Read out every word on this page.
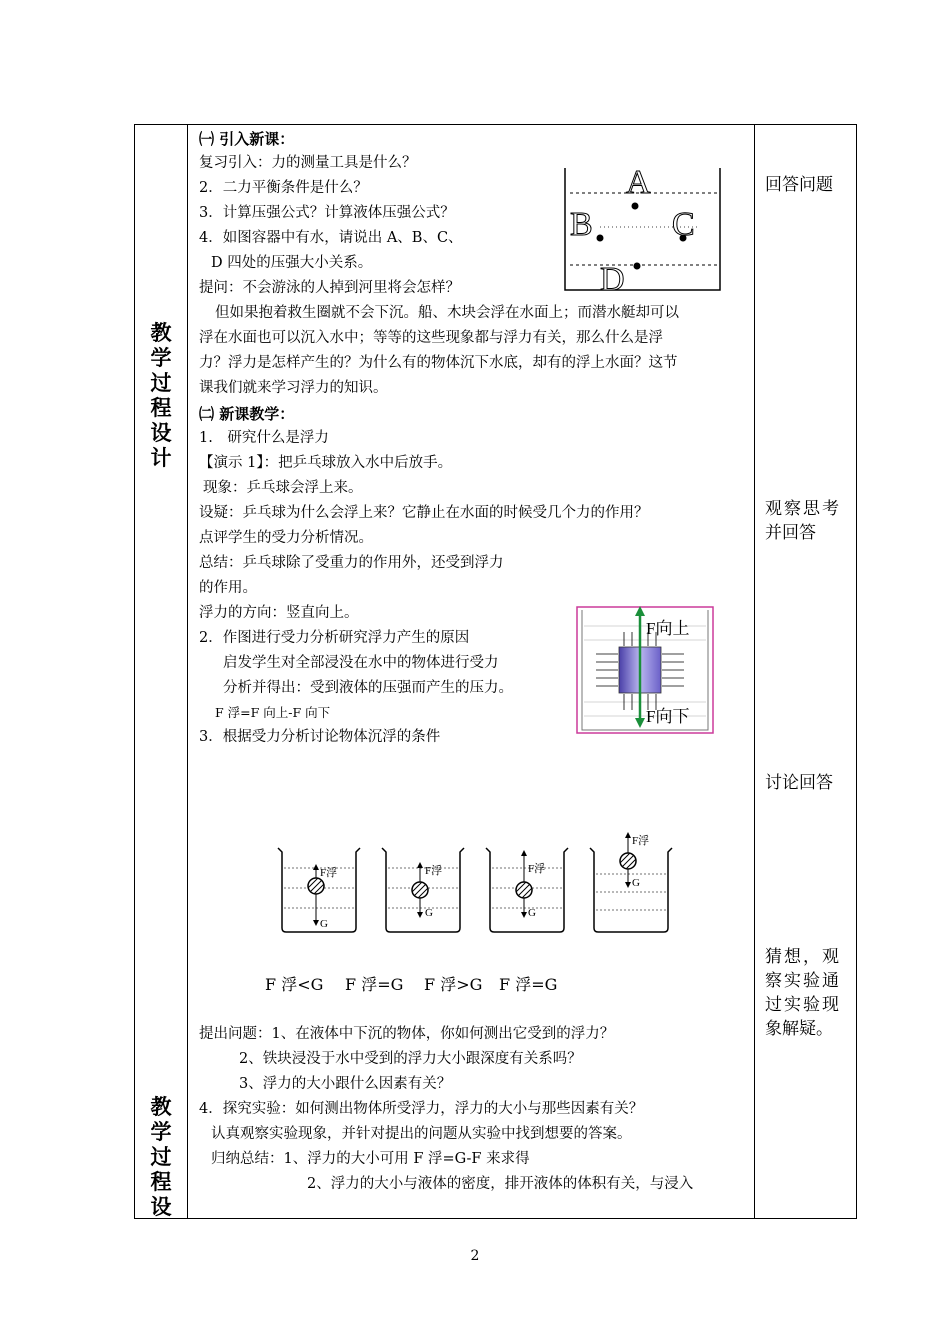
教
学
过
程
设
计
教
学
过
程
设
㈠ 引入新课：
复习引入：力的测量工具是什么？
2．二力平衡条件是什么？
3．计算压强公式？计算液体压强公式？
4．如图容器中有水，请说出 A、B、C、
D 四处的压强大小关系。
提问：不会游泳的人掉到河里将会怎样？
但如果抱着救生圈就不会下沉。船、木块会浮在水面上；而潜水艇却可以
浮在水面也可以沉入水中；等等的这些现象都与浮力有关，那么什么是浮
力？浮力是怎样产生的？为什么有的物体沉下水底，却有的浮上水面？这节
课我们就来学习浮力的知识。
㈡ 新课教学：
1.　研究什么是浮力
【演示 1】：把乒乓球放入水中后放手。
现象：乒乓球会浮上来。
设疑：乒乓球为什么会浮上来？它静止在水面的时候受几个力的作用？
点评学生的受力分析情况。
总结：乒乓球除了受重力的作用外，还受到浮力
的作用。
浮力的方向：竖直向上。
2．作图进行受力分析研究浮力产生的原因
启发学生对全部浸没在水中的物体进行受力
分析并得出：受到液体的压强而产生的压力。
F 浮=F 向上-F 向下
3．根据受力分析讨论物体沉浮的条件
F 浮<G F 浮=G F 浮>G F 浮=G
提出问题：1、在液体中下沉的物体，你如何测出它受到的浮力？
2、铁块浸没于水中受到的浮力大小跟深度有关系吗？
3、浮力的大小跟什么因素有关？
4．探究实验：如何测出物体所受浮力，浮力的大小与那些因素有关？
认真观察实验现象，并针对提出的问题从实验中找到想要的答案。
归纳总结：1、浮力的大小可用 F 浮=G-F 来求得
2、浮力的大小与液体的密度，排开液体的体积有关，与浸入
回答问题
观察思考
并回答
讨论回答
猜想，观
察实验通
过实验现
象解疑。
A
B C
D
F向上
F向下
F浮
G
F浮
G
F浮
G
F浮
G
2
